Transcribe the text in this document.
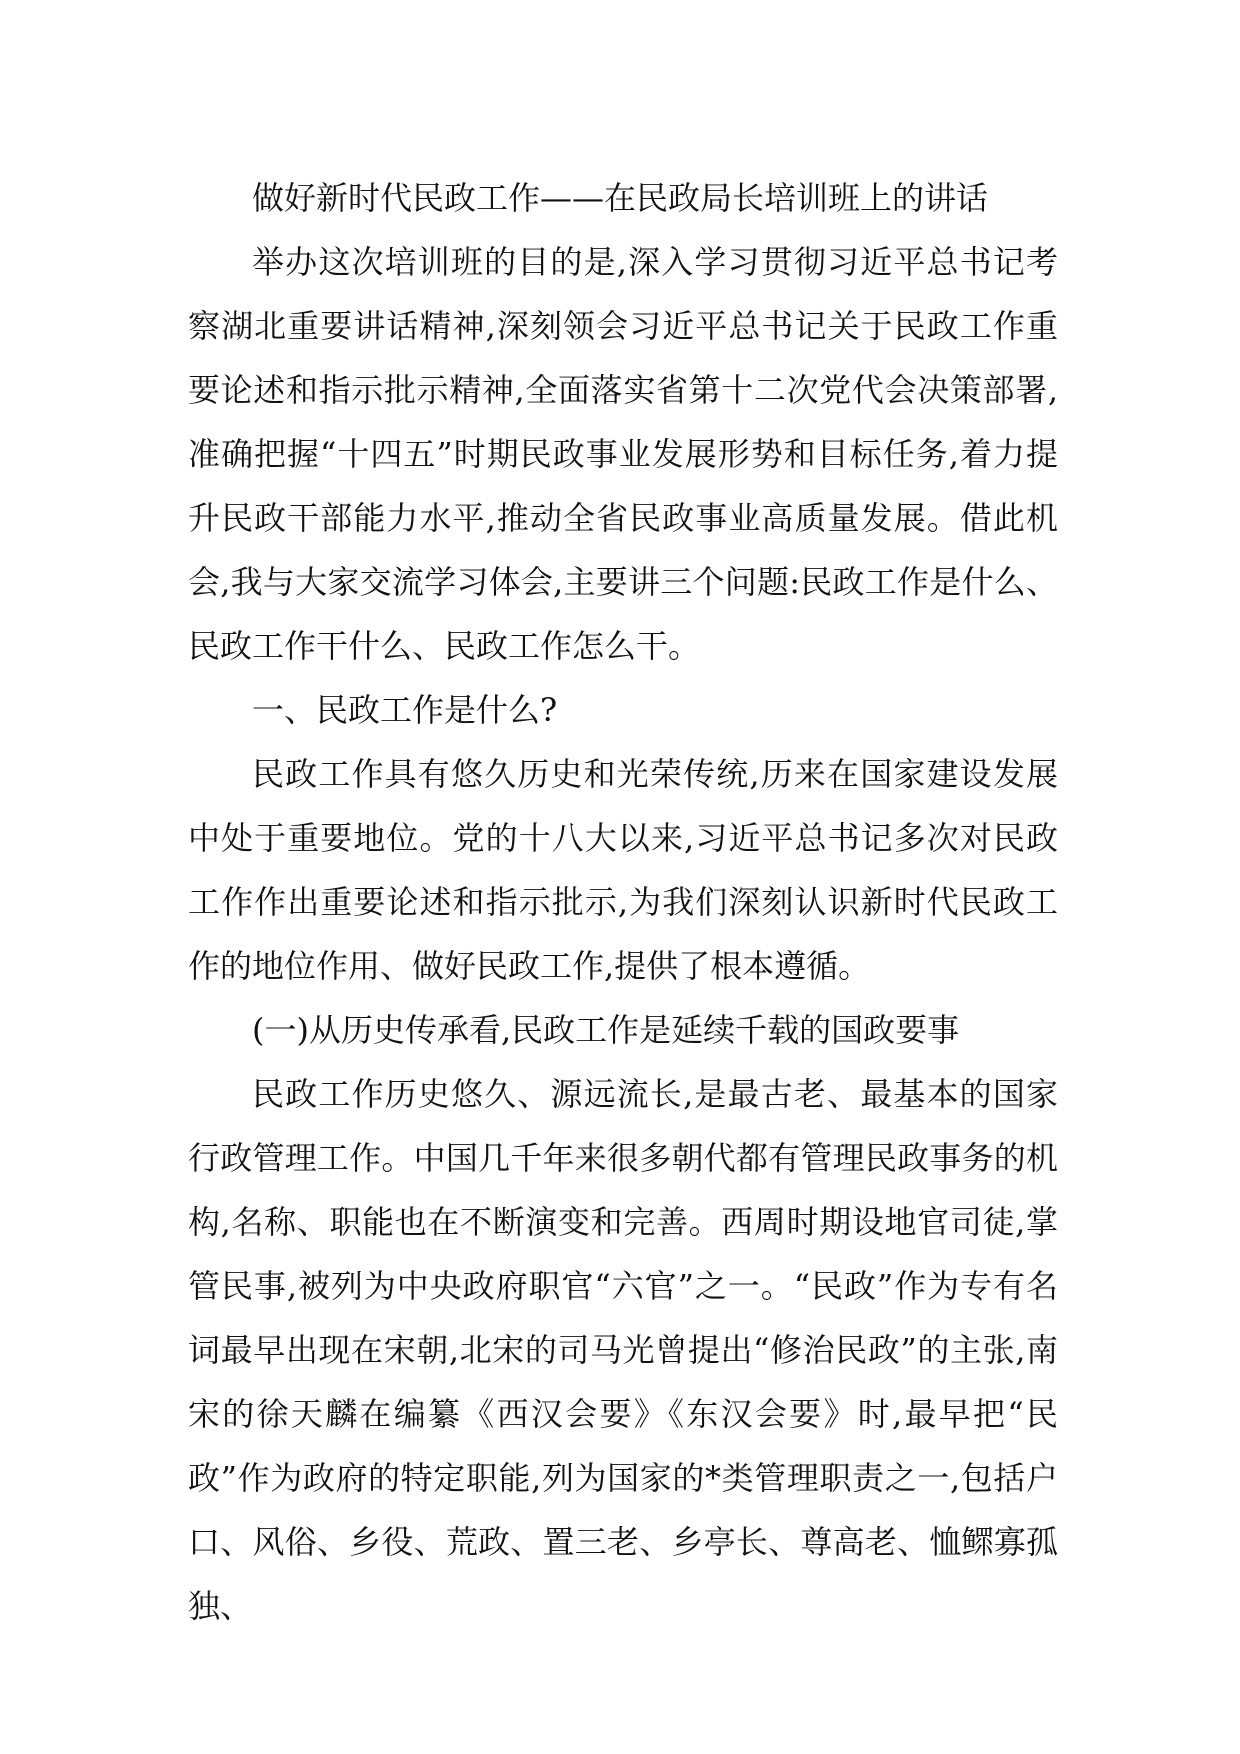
做好新时代民政工作——在民政局长培训班上的讲话

举办这次培训班的目的是,深入学习贯彻习近平总书记考察湖北重要讲话精神,深刻领会习近平总书记关于民政工作重要论述和指示批示精神,全面落实省第十二次党代会决策部署,准确把握“十四五”时期民政事业发展形势和目标任务,着力提升民政干部能力水平,推动全省民政事业高质量发展。借此机会,我与大家交流学习体会,主要讲三个问题:民政工作是什么、民政工作干什么、民政工作怎么干。

一、民政工作是什么?

民政工作具有悠久历史和光荣传统,历来在国家建设发展中处于重要地位。党的十八大以来,习近平总书记多次对民政工作作出重要论述和指示批示,为我们深刻认识新时代民政工作的地位作用、做好民政工作,提供了根本遵循。

(一)从历史传承看,民政工作是延续千载的国政要事

民政工作历史悠久、源远流长,是最古老、最基本的国家行政管理工作。中国几千年来很多朝代都有管理民政事务的机构,名称、职能也在不断演变和完善。西周时期设地官司徒,掌管民事,被列为中央政府职官“六官”之一。“民政”作为专有名词最早出现在宋朝,北宋的司马光曾提出“修治民政”的主张,南宋的徐天麟在编纂《西汉会要》《东汉会要》时,最早把“民政”作为政府的特定职能,列为国家的*类管理职责之一,包括户口、风俗、乡役、荒政、置三老、乡亭长、尊高老、恤鳏寡孤独、
